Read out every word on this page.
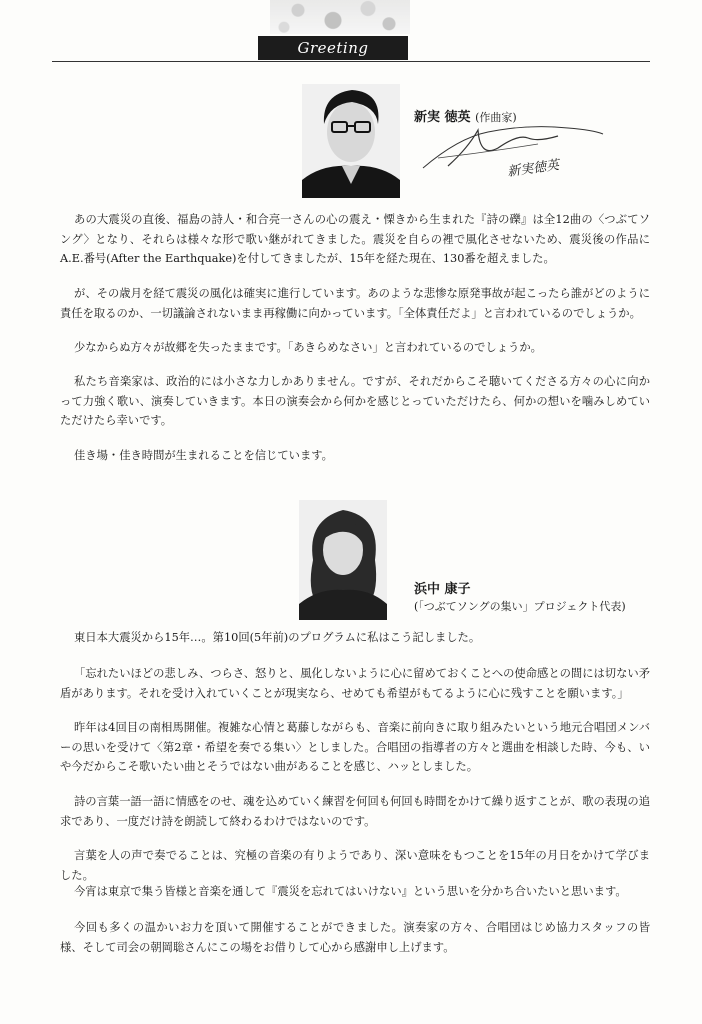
Greeting
新実 徳英 (作曲家)
新実徳英

あの大震災の直後、福島の詩人・和合亮一さんの心の震え・慄きから生まれた『詩の礫』は全12曲の〈つぶてソング〉となり、それらは様々な形で歌い継がれてきました。震災を自らの裡で風化させないため、震災後の作品にA.E.番号(After the Earthquake)を付してきましたが、15年を経た現在、130番を超えました。

が、その歳月を経て震災の風化は確実に進行しています。あのような悲惨な原発事故が起こったら誰がどのように責任を取るのか、一切議論されないまま再稼働に向かっています。「全体責任だよ」と言われているのでしょうか。

少なからぬ方々が故郷を失ったままです。「あきらめなさい」と言われているのでしょうか。

私たち音楽家は、政治的には小さな力しかありません。ですが、それだからこそ聴いてくださる方々の心に向かって力強く歌い、演奏していきます。本日の演奏会から何かを感じとっていただけたら、何かの想いを噛みしめていただけたら幸いです。

佳き場・佳き時間が生まれることを信じています。

浜中 康子
(「つぶてソングの集い」プロジェクト代表)

東日本大震災から15年…。第10回(5年前)のプログラムに私はこう記しました。

「忘れたいほどの悲しみ、つらさ、怒りと、風化しないように心に留めておくことへの使命感との間には切ない矛盾があります。それを受け入れていくことが現実なら、せめても希望がもてるように心に残すことを願います。」

昨年は4回目の南相馬開催。複雑な心情と葛藤しながらも、音楽に前向きに取り組みたいという地元合唱団メンバーの思いを受けて〈第2章・希望を奏でる集い〉としました。合唱団の指導者の方々と選曲を相談した時、今も、いや今だからこそ歌いたい曲とそうではない曲があることを感じ、ハッとしました。

詩の言葉一語一語に情感をのせ、魂を込めていく練習を何回も何回も時間をかけて繰り返すことが、歌の表現の追求であり、一度だけ詩を朗読して終わるわけではないのです。

言葉を人の声で奏でることは、究極の音楽の有りようであり、深い意味をもつことを15年の月日をかけて学びました。

今宵は東京で集う皆様と音楽を通して『震災を忘れてはいけない』という思いを分かち合いたいと思います。

今回も多くの温かいお力を頂いて開催することができました。演奏家の方々、合唱団はじめ協力スタッフの皆様、そして司会の朝岡聡さんにこの場をお借りして心から感謝申し上げます。
